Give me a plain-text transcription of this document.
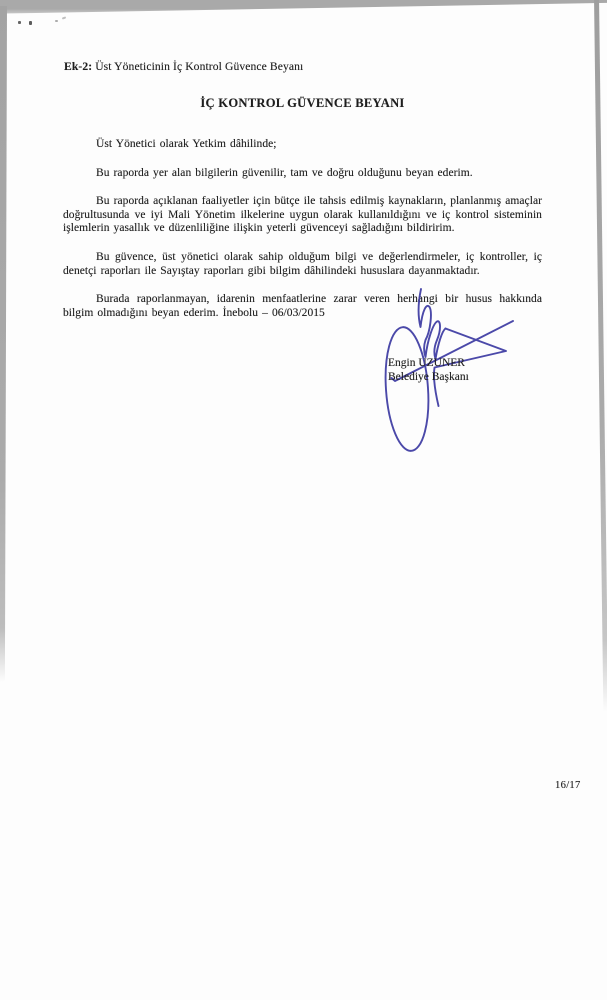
Ek-2: Üst Yöneticinin İç Kontrol Güvence Beyanı
İÇ KONTROL GÜVENCE BEYANI

Üst Yönetici olarak Yetkim dâhilinde;

Bu raporda yer alan bilgilerin güvenilir, tam ve doğru olduğunu beyan ederim.

Bu raporda açıklanan faaliyetler için bütçe ile tahsis edilmiş kaynakların, planlanmış amaçlar doğrultusunda ve iyi Mali Yönetim ilkelerine uygun olarak kullanıldığını ve iç kontrol sisteminin işlemlerin yasallık ve düzenliliğine ilişkin yeterli güvenceyi sağladığını bildiririm.

Bu güvence, üst yönetici olarak sahip olduğum bilgi ve değerlendirmeler, iç kontroller, iç denetçi raporları ile Sayıştay raporları gibi bilgim dâhilindeki hususlara dayanmaktadır.

Burada raporlanmayan, idarenin menfaatlerine zarar veren herhangi bir husus hakkında bilgim olmadığını beyan ederim. İnebolu – 06/03/2015

Engin UZUNER
Belediye Başkanı
16/17
